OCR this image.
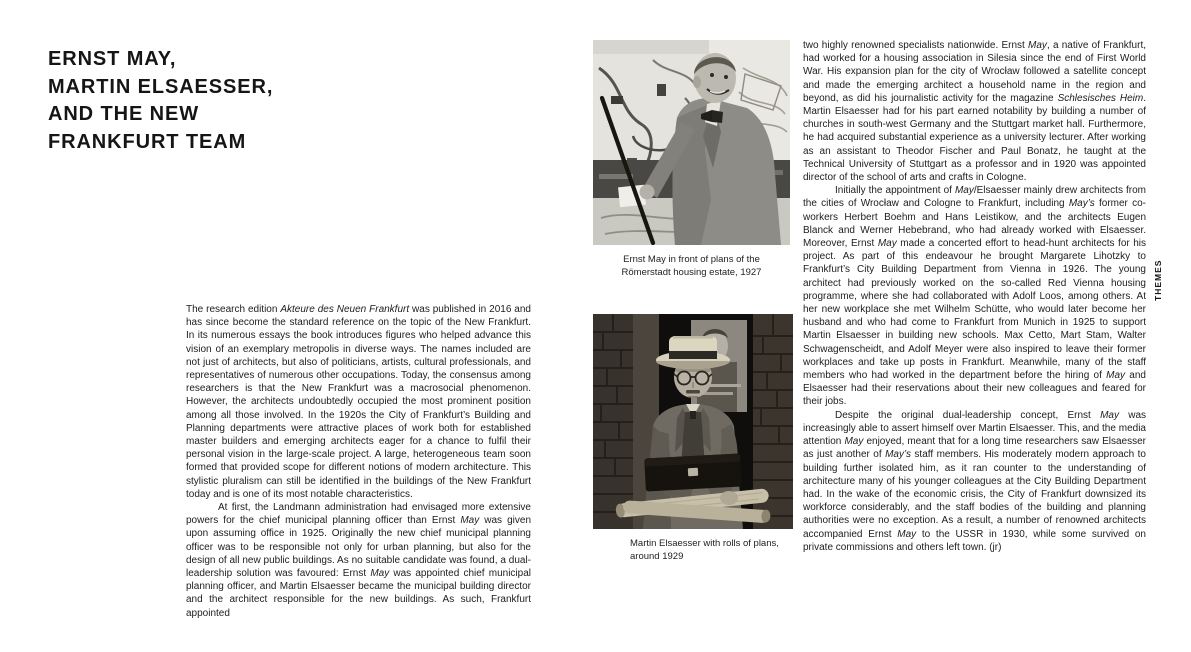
ERNST MAY,
MARTIN ELSAESSER,
AND THE NEW
FRANKFURT TEAM

The research edition Akteure des Neuen Frankfurt was published in 2016 and has since become the standard reference on the topic of the New Frankfurt. In its numerous essays the book introduces figures who helped advance this vision of an exemplary metropolis in diverse ways. The names included are not just of architects, but also of politicians, artists, cultural professionals, and representatives of numerous other occupations. Today, the consensus among researchers is that the New Frankfurt was a macrosocial phenomenon. However, the architects undoubtedly occupied the most prominent position among all those involved. In the 1920s the City of Frankfurt’s Building and Planning departments were attractive places of work both for established master builders and emerging architects eager for a chance to fulfil their personal vision in the large-scale project. A large, heterogeneous team soon formed that provided scope for different notions of modern architecture. This stylistic pluralism can still be identified in the buildings of the New Frankfurt today and is one of its most notable characteristics.

At first, the Landmann administration had envisaged more extensive powers for the chief municipal planning officer than Ernst May was given upon assuming office in 1925. Originally the new chief municipal planning officer was to be responsible not only for urban planning, but also for the design of all new public buildings. As no suitable candidate was found, a dual-leadership solution was favoured: Ernst May was appointed chief municipal planning officer, and Martin Elsaesser became the municipal building director and the architect responsible for the new buildings. As such, Frankfurt appointed

Ernst May in front of plans of the
Römerstadt housing estate, 1927
Martin Elsaesser with rolls of plans,
around 1929

two highly renowned specialists nationwide. Ernst May, a native of Frankfurt, had worked for a housing association in Silesia since the end of First World War. His expansion plan for the city of Wrocław followed a satellite concept and made the emerging architect a household name in the region and beyond, as did his journalistic activity for the magazine Schlesisches Heim. Martin Elsaesser had for his part earned notability by building a number of churches in south-west Germany and the Stuttgart market hall. Furthermore, he had acquired substantial experience as a university lecturer. After working as an assistant to Theodor Fischer and Paul Bonatz, he taught at the Technical University of Stuttgart as a professor and in 1920 was appointed director of the school of arts and crafts in Cologne.

Initially the appointment of May/Elsaesser mainly drew architects from the cities of Wrocław and Cologne to Frankfurt, including May’s former co-workers Herbert Boehm and Hans Leistikow, and the architects Eugen Blanck and Werner Hebebrand, who had already worked with Elsaesser. Moreover, Ernst May made a concerted effort to head-hunt architects for his project. As part of this endeavour he brought Margarete Lihotzky to Frankfurt’s City Building Department from Vienna in 1926. The young architect had previously worked on the so-called Red Vienna housing programme, where she had collaborated with Adolf Loos, among others. At her new workplace she met Wilhelm Schütte, who would later become her husband and who had come to Frankfurt from Munich in 1925 to support Martin Elsaesser in building new schools. Max Cetto, Mart Stam, Walter Schwagenscheidt, and Adolf Meyer were also inspired to leave their former workplaces and take up posts in Frankfurt. Meanwhile, many of the staff members who had worked in the department before the hiring of May and Elsaesser had their reservations about their new colleagues and feared for their jobs.

Despite the original dual-leadership concept, Ernst May was increasingly able to assert himself over Martin Elsaesser. This, and the media attention May enjoyed, meant that for a long time researchers saw Elsaesser as just another of May’s staff members. His moderately modern approach to building further isolated him, as it ran counter to the understanding of architecture many of his younger colleagues at the City Building Department had. In the wake of the economic crisis, the City of Frankfurt downsized its workforce considerably, and the staff bodies of the building and planning authorities were no exception. As a result, a number of renowned architects accompanied Ernst May to the USSR in 1930, while some survived on private commissions and others left town. (jr)

THEMES
